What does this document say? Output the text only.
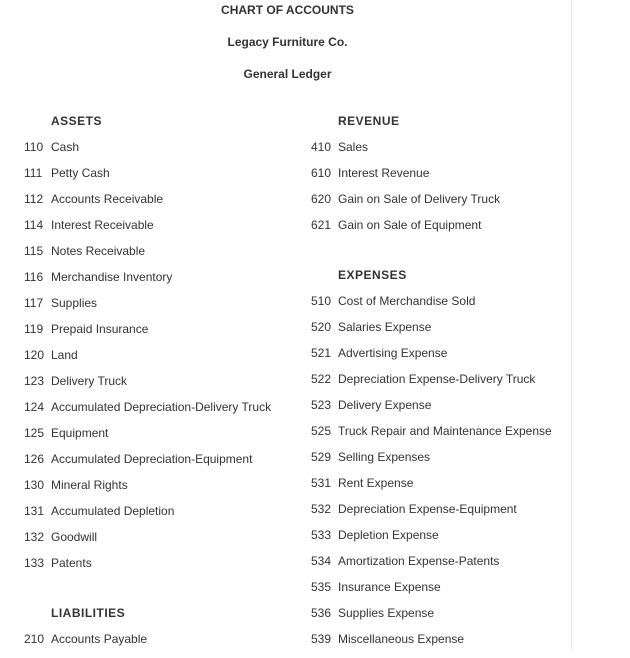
CHART OF ACCOUNTS
Legacy Furniture Co.
General Ledger
ASSETS
110 Cash
111 Petty Cash
112 Accounts Receivable
114 Interest Receivable
115 Notes Receivable
116 Merchandise Inventory
117 Supplies
119 Prepaid Insurance
120 Land
123 Delivery Truck
124 Accumulated Depreciation-Delivery Truck
125 Equipment
126 Accumulated Depreciation-Equipment
130 Mineral Rights
131 Accumulated Depletion
132 Goodwill
133 Patents
LIABILITIES
210 Accounts Payable
REVENUE
410 Sales
610 Interest Revenue
620 Gain on Sale of Delivery Truck
621 Gain on Sale of Equipment
EXPENSES
510 Cost of Merchandise Sold
520 Salaries Expense
521 Advertising Expense
522 Depreciation Expense-Delivery Truck
523 Delivery Expense
525 Truck Repair and Maintenance Expense
529 Selling Expenses
531 Rent Expense
532 Depreciation Expense-Equipment
533 Depletion Expense
534 Amortization Expense-Patents
535 Insurance Expense
536 Supplies Expense
539 Miscellaneous Expense
